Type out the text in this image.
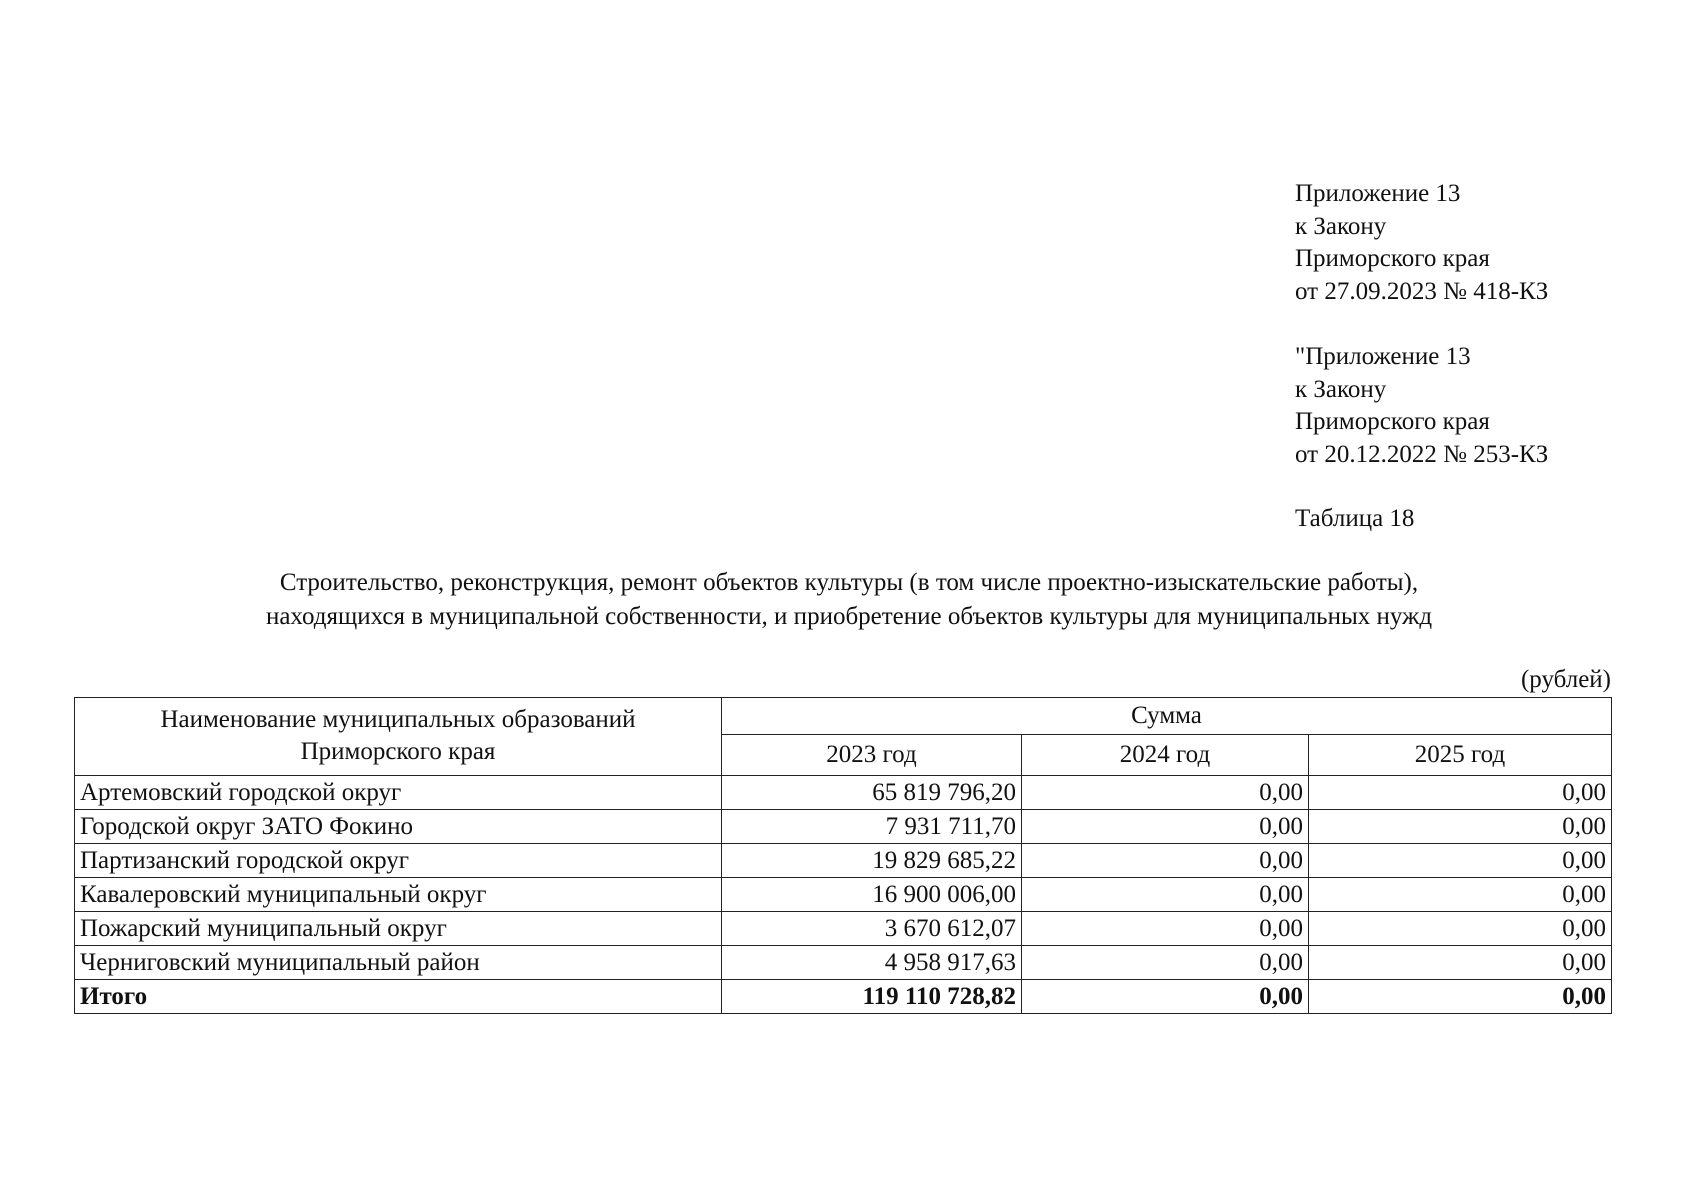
Приложение 13
к Закону
Приморского края
от 27.09.2023 № 418-КЗ
"Приложение 13
к Закону
Приморского края
от 20.12.2022 № 253-КЗ
Таблица 18
Строительство, реконструкция, ремонт объектов культуры (в том числе проектно-изыскательские работы),
находящихся в муниципальной собственности, и приобретение объектов культуры для муниципальных нужд
(рублей)
Наименование муниципальных образований
Приморского края	Сумма		
	2023 год	2024 год	2025 год
Артемовский городской округ	65 819 796,20	0,00	0,00
Городской округ ЗАТО Фокино	7 931 711,70	0,00	0,00
Партизанский городской округ	19 829 685,22	0,00	0,00
Кавалеровский муниципальный округ	16 900 006,00	0,00	0,00
Пожарский муниципальный округ	3 670 612,07	0,00	0,00
Черниговский муниципальный район	4 958 917,63	0,00	0,00
Итого	119 110 728,82	0,00	0,00
